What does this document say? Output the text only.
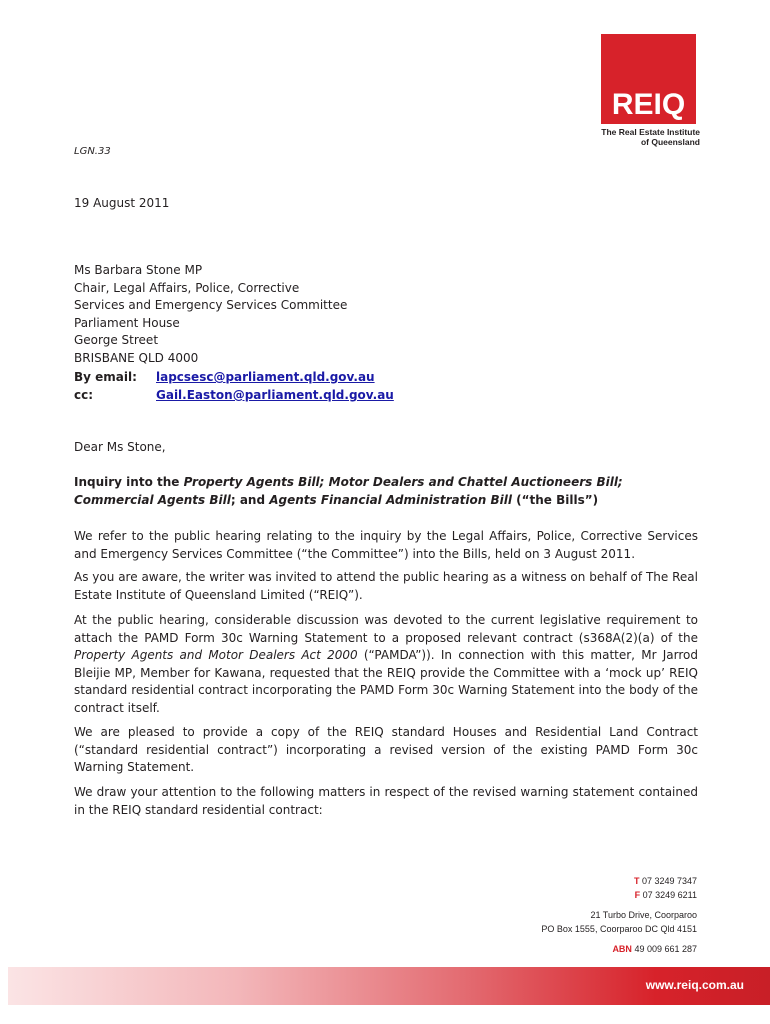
REIQ
The Real Estate Institute
of Queensland
LGN.33
19 August 2011
Ms Barbara Stone MP
Chair, Legal Affairs, Police, Corrective
Services and Emergency Services Committee
Parliament House
George Street
BRISBANE QLD 4000
By email: lapcsesc@parliament.qld.gov.au
cc:	Gail.Easton@parliament.qld.gov.au
Dear Ms Stone,
Inquiry into the Property Agents Bill; Motor Dealers and Chattel Auctioneers Bill; Commercial Agents Bill; and Agents Financial Administration Bill (“the Bills”)

We refer to the public hearing relating to the inquiry by the Legal Affairs, Police, Corrective Services and Emergency Services Committee (“the Committee”) into the Bills, held on 3 August 2011.

As you are aware, the writer was invited to attend the public hearing as a witness on behalf of The Real Estate Institute of Queensland Limited (“REIQ”).

At the public hearing, considerable discussion was devoted to the current legislative requirement to attach the PAMD Form 30c Warning Statement to a proposed relevant contract (s368A(2)(a) of the Property Agents and Motor Dealers Act 2000 (“PAMDA”)). In connection with this matter, Mr Jarrod Bleijie MP, Member for Kawana, requested that the REIQ provide the Committee with a ‘mock up’ REIQ standard residential contract incorporating the PAMD Form 30c Warning Statement into the body of the contract itself.

We are pleased to provide a copy of the REIQ standard Houses and Residential Land Contract (“standard residential contract”) incorporating a revised version of the existing PAMD Form 30c Warning Statement.

We draw your attention to the following matters in respect of the revised warning statement contained in the REIQ standard residential contract:

T 07 3249 7347
F 07 3249 6211
21 Turbo Drive, Coorparoo
PO Box 1555, Coorparoo DC Qld 4151
ABN 49 009 661 287
www.reiq.com.au
